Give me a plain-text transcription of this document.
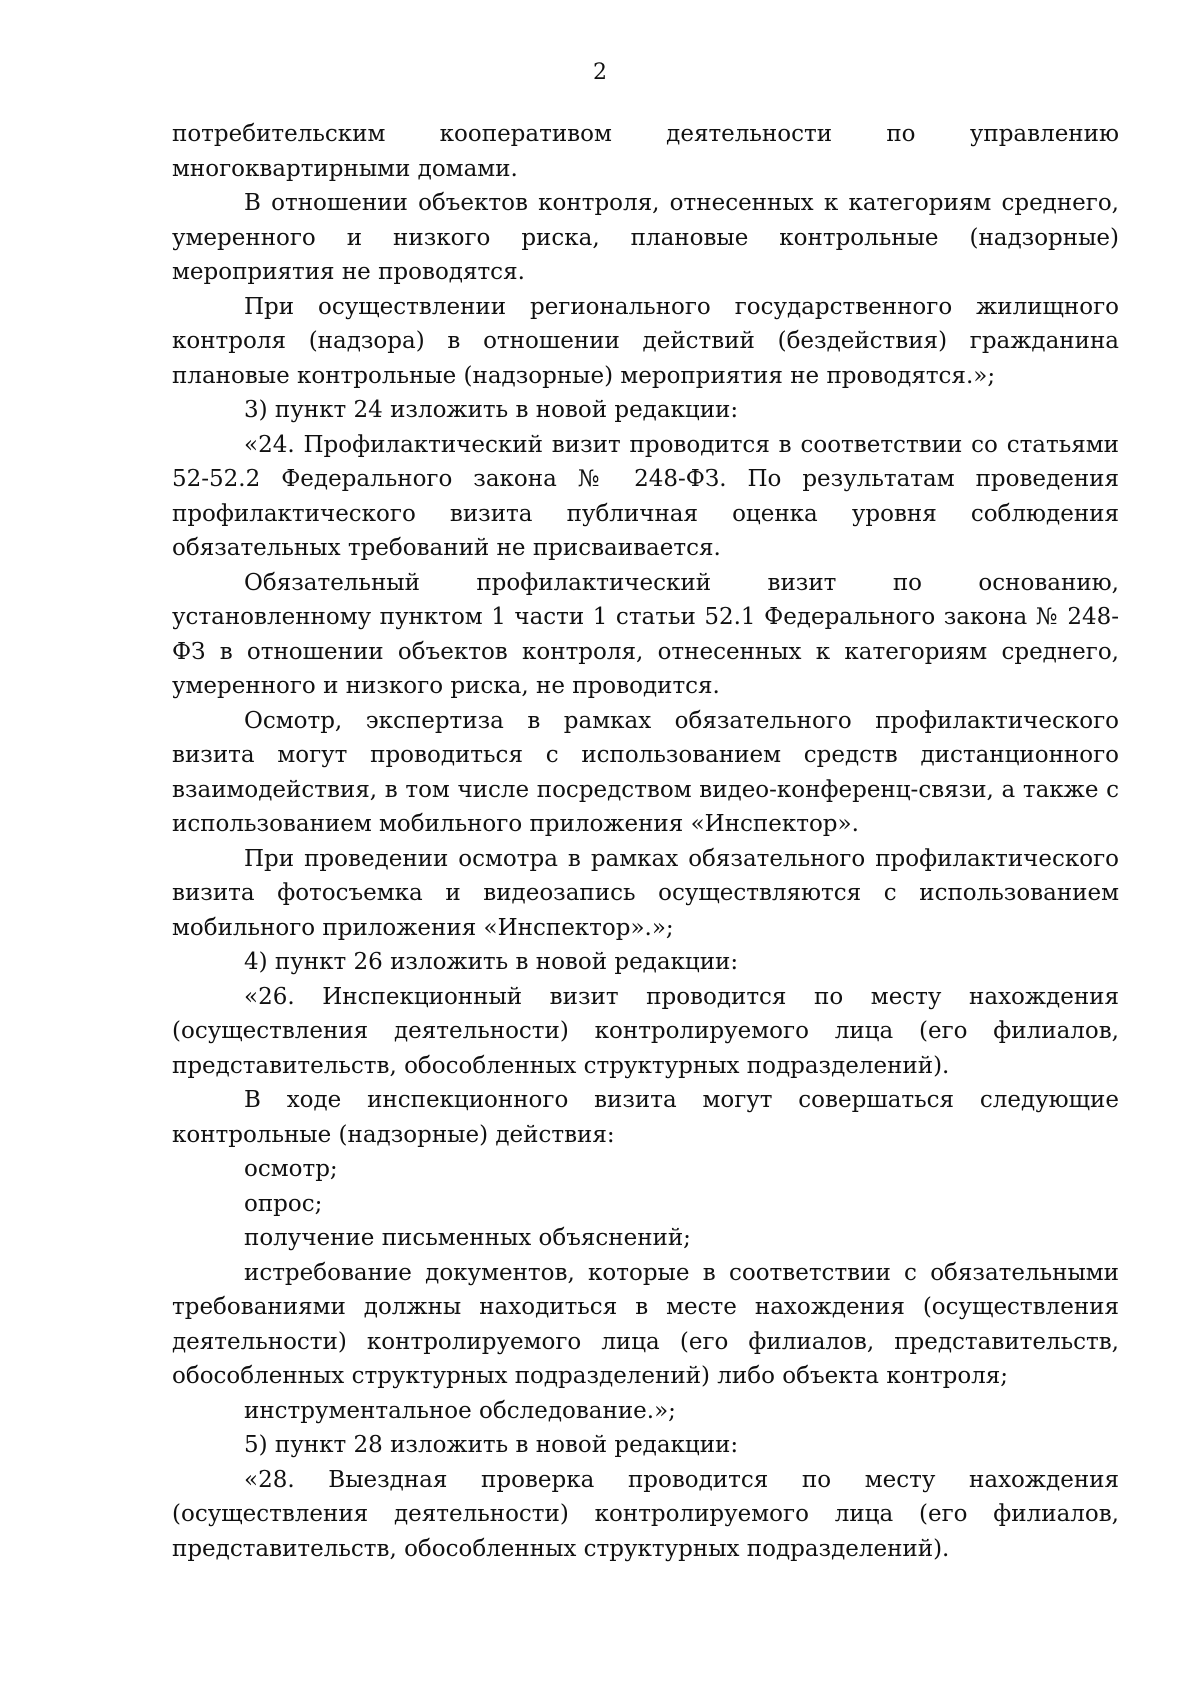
2

потребительским кооперативом деятельности по управлению многоквартирными домами.

В отношении объектов контроля, отнесенных к категориям среднего, умеренного и низкого риска, плановые контрольные (надзорные) мероприятия не проводятся.

При осуществлении регионального государственного жилищного контроля (надзора) в отношении действий (бездействия) гражданина плановые контрольные (надзорные) мероприятия не проводятся.»;

3) пункт 24 изложить в новой редакции:

«24. Профилактический визит проводится в соответствии со статьями 52-52.2 Федерального закона № 248-ФЗ. По результатам проведения профилактического визита публичная оценка уровня соблюдения обязательных требований не присваивается.

Обязательный профилактический визит по основанию, установленному пунктом 1 части 1 статьи 52.1 Федерального закона № 248-ФЗ в отношении объектов контроля, отнесенных к категориям среднего, умеренного и низкого риска, не проводится.

Осмотр, экспертиза в рамках обязательного профилактического визита могут проводиться с использованием средств дистанционного взаимодействия, в том числе посредством видео-конференц-связи, а также с использованием мобильного приложения «Инспектор».

При проведении осмотра в рамках обязательного профилактического визита фотосъемка и видеозапись осуществляются с использованием мобильного приложения «Инспектор».»;

4) пункт 26 изложить в новой редакции:

«26. Инспекционный визит проводится по месту нахождения (осуществления деятельности) контролируемого лица (его филиалов, представительств, обособленных структурных подразделений).

В ходе инспекционного визита могут совершаться следующие контрольные (надзорные) действия:

осмотр;

опрос;

получение письменных объяснений;

истребование документов, которые в соответствии с обязательными требованиями должны находиться в месте нахождения (осуществления деятельности) контролируемого лица (его филиалов, представительств, обособленных структурных подразделений) либо объекта контроля;

инструментальное обследование.»;

5) пункт 28 изложить в новой редакции:

«28. Выездная проверка проводится по месту нахождения (осуществления деятельности) контролируемого лица (его филиалов, представительств, обособленных структурных подразделений).
